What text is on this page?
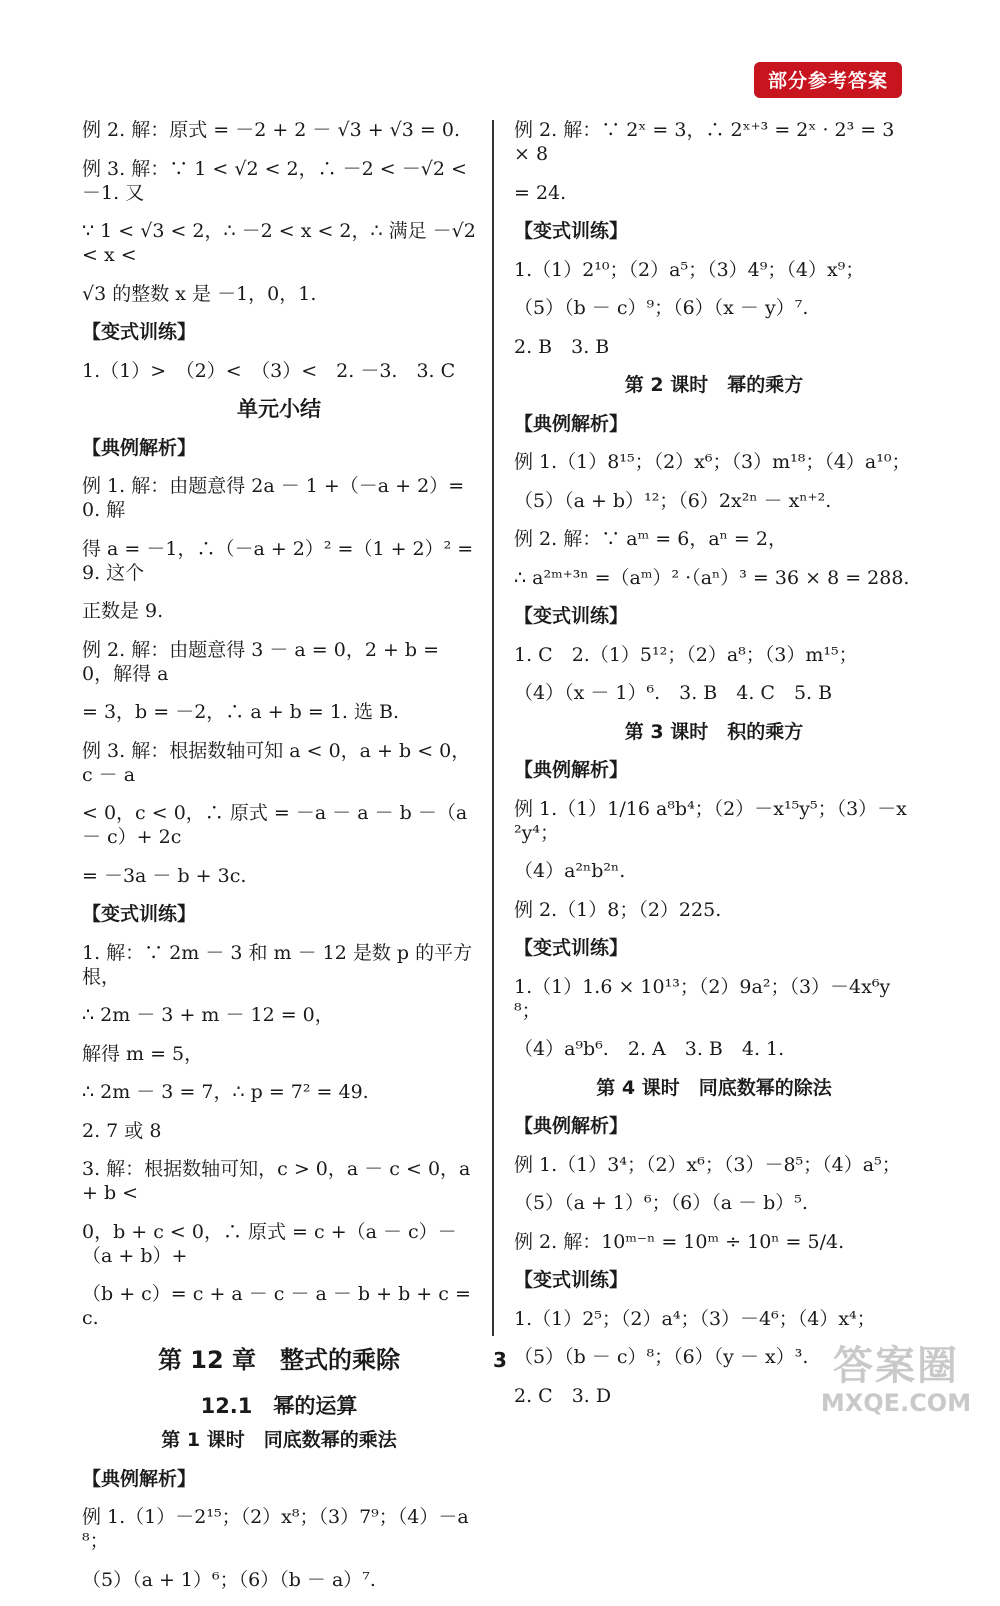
部分参考答案
例 2. 解：原式 = －2 + 2 － √3 + √3 = 0.
例 3. 解：∵ 1 < √2 < 2，∴ －2 < －√2 < －1. 又
∵ 1 < √3 < 2，∴ －2 < x < 2，∴ 满足 －√2 < x <
√3 的整数 x 是 －1，0，1.
【变式训练】
1.（1）>　（2）<　（3）<　2. －3.　3. C
单元小结
【典例解析】
例 1. 解：由题意得 2a － 1 +（－a + 2）= 0. 解
得 a = －1，∴（－a + 2）² =（1 + 2）² = 9. 这个
正数是 9.
例 2. 解：由题意得 3 － a = 0，2 + b = 0，解得 a
= 3，b = －2，∴ a + b = 1. 选 B.
例 3. 解：根据数轴可知 a < 0，a + b < 0，c － a
< 0，c < 0，∴ 原式 = －a － a － b －（a － c）+ 2c
= －3a － b + 3c.
【变式训练】
1. 解：∵ 2m － 3 和 m － 12 是数 p 的平方根，
∴ 2m － 3 + m － 12 = 0，
解得 m = 5，
∴ 2m － 3 = 7，∴ p = 7² = 49.
2. 7 或 8
3. 解：根据数轴可知，c > 0，a － c < 0，a + b <
0，b + c < 0，∴ 原式 = c +（a － c）－（a + b）+
（b + c）= c + a － c － a － b + b + c = c.
第 12 章　整式的乘除
12.1　幂的运算
第 1 课时　同底数幂的乘法
【典例解析】
例 1.（1）－2¹⁵；（2）x⁸；（3）7⁹；（4）－a⁸；
（5）（a + 1）⁶；（6）（b － a）⁷.
例 2. 解：∵ 2ˣ = 3，∴ 2ˣ⁺³ = 2ˣ · 2³ = 3 × 8
= 24.
【变式训练】
1.（1）2¹⁰；（2）a⁵；（3）4⁹；（4）x⁹；
（5）（b － c）⁹；（6）（x － y）⁷.
2. B　3. B
第 2 课时　幂的乘方
【典例解析】
例 1.（1）8¹⁵；（2）x⁶；（3）m¹⁸；（4）a¹⁰；
（5）（a + b）¹²；（6）2x²ⁿ － xⁿ⁺².
例 2. 解：∵ aᵐ = 6，aⁿ = 2，
∴ a²ᵐ⁺³ⁿ =（aᵐ）² ·（aⁿ）³ = 36 × 8 = 288.
【变式训练】
1. C　2.（1）5¹²；（2）a⁸；（3）m¹⁵；
（4）（x － 1）⁶.　3. B　4. C　5. B
第 3 课时　积的乘方
【典例解析】
例 1.（1）1/16 a⁸b⁴；（2）－x¹⁵y⁵；（3）－x²y⁴；
（4）a²ⁿb²ⁿ.
例 2.（1）8；（2）225.
【变式训练】
1.（1）1.6 × 10¹³；（2）9a²；（3）－4x⁶y⁸；
（4）a⁹b⁶.　2. A　3. B　4. 1.
第 4 课时　同底数幂的除法
【典例解析】
例 1.（1）3⁴；（2）x⁶；（3）－8⁵；（4）a⁵；
（5）（a + 1）⁶；（6）（a － b）⁵.
例 2. 解：10ᵐ⁻ⁿ = 10ᵐ ÷ 10ⁿ = 5/4.
【变式训练】
1.（1）2⁵；（2）a⁴；（3）－4⁶；（4）x⁴；
（5）（b － c）⁸；（6）（y － x）³.
2. C　3. D
3	答案圈
MXQE.COM
